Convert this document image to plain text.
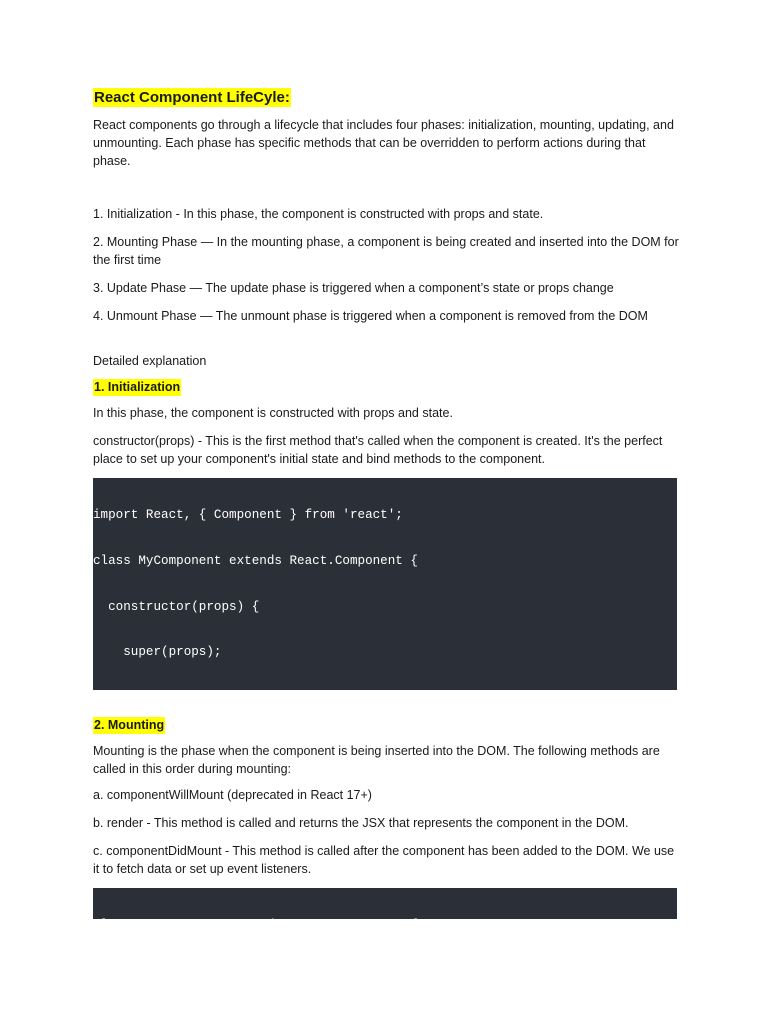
React Component LifeCyle:

React components go through a lifecycle that includes four phases: initialization, mounting, updating, and unmounting. Each phase has specific methods that can be overridden to perform actions during that phase.

1. Initialization - In this phase, the component is constructed with props and state.

2. Mounting Phase — In the mounting phase, a component is being created and inserted into the DOM for the first time

3. Update Phase — The update phase is triggered when a component’s state or props change

4. Unmount Phase — The unmount phase is triggered when a component is removed from the DOM

Detailed explanation

1. Initialization

In this phase, the component is constructed with props and state.

constructor(props) - This is the first method that's called when the component is created. It's the perfect place to set up your component's initial state and bind methods to the component.

import React, { Component } from 'react';

class MyComponent extends React.Component {

constructor(props) {

super(props);

2. Mounting

Mounting is the phase when the component is being inserted into the DOM. The following methods are called in this order during mounting:

a. componentWillMount (deprecated in React 17+)

b. render - This method is called and returns the JSX that represents the component in the DOM.

c. componentDidMount - This method is called after the component has been added to the DOM. We use it to fetch data or set up event listeners.
